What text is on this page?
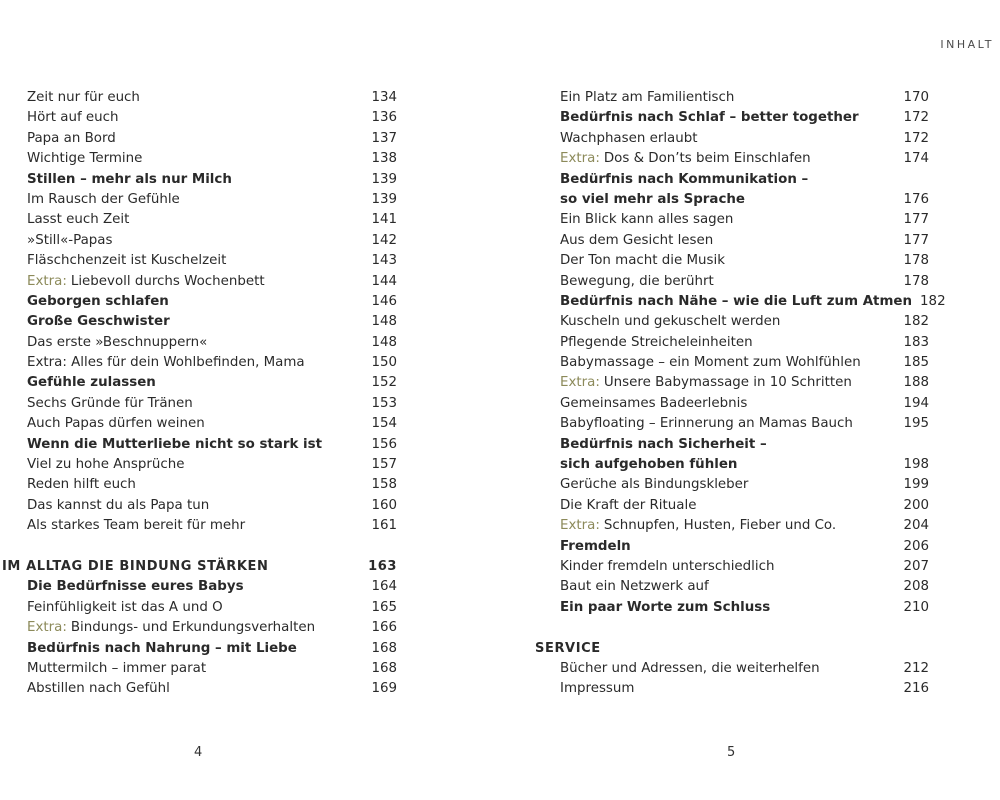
INHALT
Zeit nur für euch	134
Hört auf euch	136
Papa an Bord	137
Wichtige Termine	138
Stillen – mehr als nur Milch	139
Im Rausch der Gefühle	139
Lasst euch Zeit	141
»Still«-Papas	142
Fläschchenzeit ist Kuschelzeit	143
Extra: Liebevoll durchs Wochenbett	144
Geborgen schlafen	146
Große Geschwister	148
Das erste »Beschnuppern«	148
Extra: Alles für dein Wohlbefinden, Mama	150
Gefühle zulassen	152
Sechs Gründe für Tränen	153
Auch Papas dürfen weinen	154
Wenn die Mutterliebe nicht so stark ist	156
Viel zu hohe Ansprüche	157
Reden hilft euch	158
Das kannst du als Papa tun	160
Als starkes Team bereit für mehr	161
IM ALLTAG DIE BINDUNG STÄRKEN	163
Die Bedürfnisse eures Babys	164
Feinfühligkeit ist das A und O	165
Extra: Bindungs- und Erkundungsverhalten	166
Bedürfnis nach Nahrung – mit Liebe	168
Muttermilch – immer parat	168
Abstillen nach Gefühl	169
Ein Platz am Familientisch	170
Bedürfnis nach Schlaf – better together	172
Wachphasen erlaubt	172
Extra: Dos & Don’ts beim Einschlafen	174
Bedürfnis nach Kommunikation –
so viel mehr als Sprache	176
Ein Blick kann alles sagen	177
Aus dem Gesicht lesen	177
Der Ton macht die Musik	178
Bewegung, die berührt	178
Bedürfnis nach Nähe – wie die Luft zum Atmen 182
Kuscheln und gekuschelt werden	182
Pflegende Streicheleinheiten	183
Babymassage – ein Moment zum Wohlfühlen	185
Extra: Unsere Babymassage in 10 Schritten	188
Gemeinsames Badeerlebnis	194
Babyfloating – Erinnerung an Mamas Bauch	195
Bedürfnis nach Sicherheit –
sich aufgehoben fühlen	198
Gerüche als Bindungskleber	199
Die Kraft der Rituale	200
Extra: Schnupfen, Husten, Fieber und Co.	204
Fremdeln	206
Kinder fremdeln unterschiedlich	207
Baut ein Netzwerk auf	208
Ein paar Worte zum Schluss	210
SERVICE
Bücher und Adressen, die weiterhelfen	212
Impressum	216
4	5
